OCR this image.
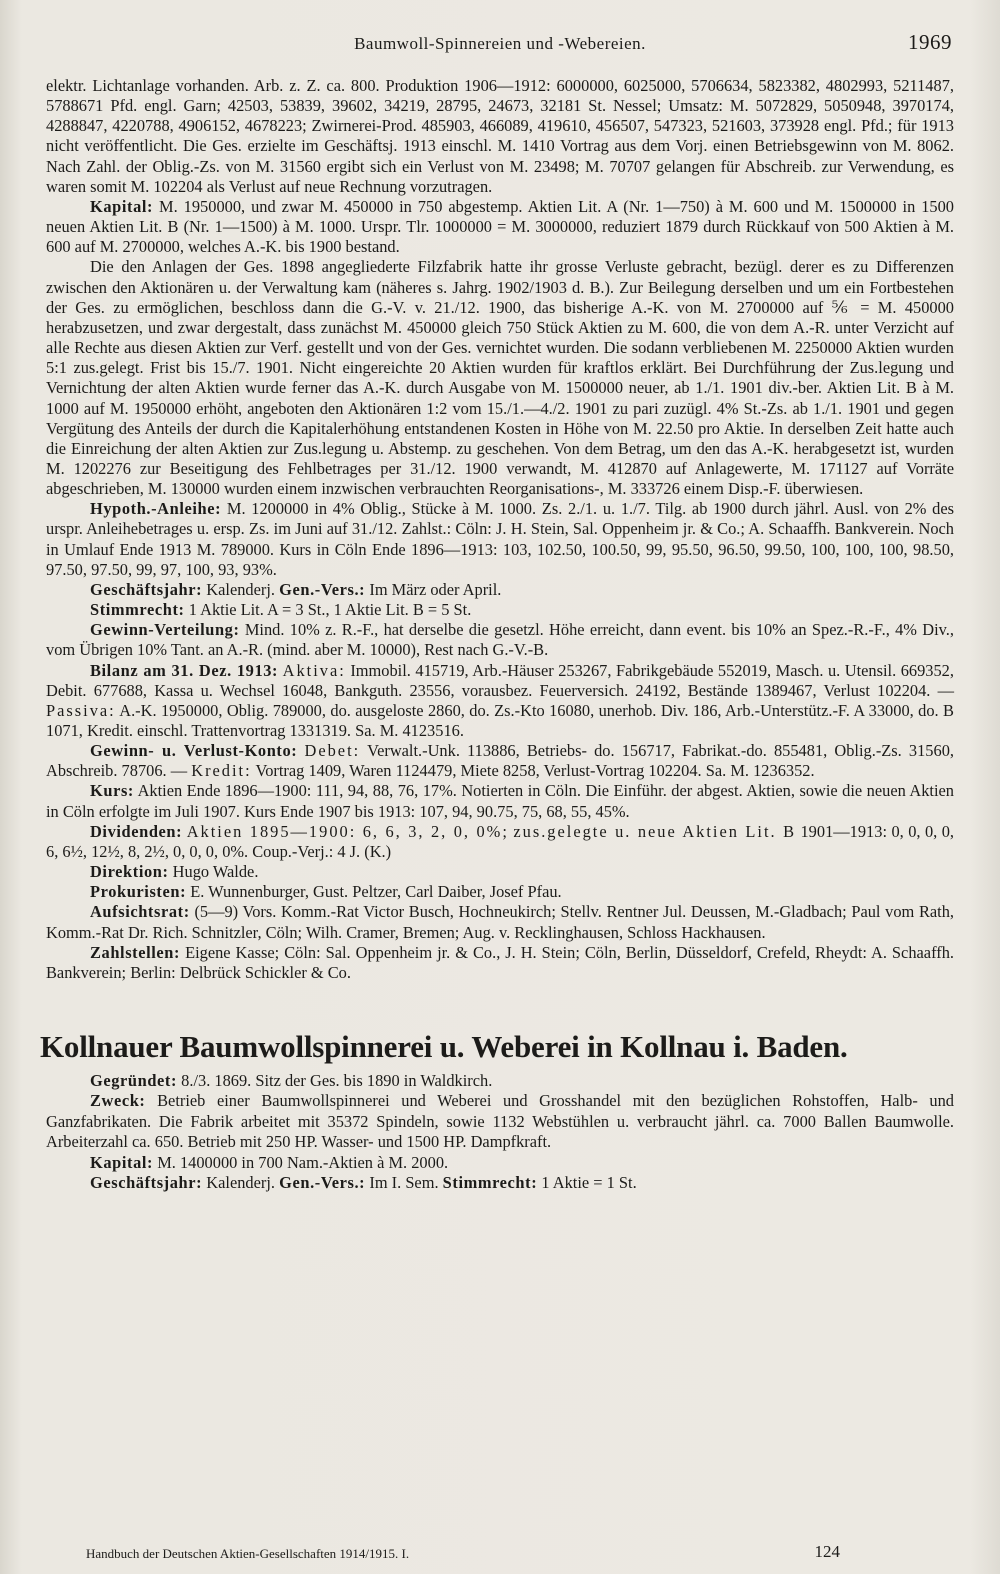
Baumwoll-Spinnereien und -Webereien.	1969

elektr. Lichtanlage vorhanden. Arb. z. Z. ca. 800. Produktion 1906—1912: 6000000, 6025000, 5706634, 5823382, 4802993, 5211487, 5788671 Pfd. engl. Garn; 42503, 53839, 39602, 34219, 28795, 24673, 32181 St. Nessel; Umsatz: M. 5072829, 5050948, 3970174, 4288847, 4220788, 4906152, 4678223; Zwirnerei-Prod. 485903, 466089, 419610, 456507, 547323, 521603, 373928 engl. Pfd.; für 1913 nicht veröffentlicht. Die Ges. erzielte im Geschäftsj. 1913 einschl. M. 1410 Vortrag aus dem Vorj. einen Betriebsgewinn von M. 8062. Nach Zahl. der Oblig.-Zs. von M. 31560 ergibt sich ein Verlust von M. 23498; M. 70707 gelangen für Abschreib. zur Verwendung, es waren somit M. 102204 als Verlust auf neue Rechnung vorzutragen.

Kapital: M. 1950000, und zwar M. 450000 in 750 abgestemp. Aktien Lit. A (Nr. 1—750) à M. 600 und M. 1500000 in 1500 neuen Aktien Lit. B (Nr. 1—1500) à M. 1000. Urspr. Tlr. 1000000 = M. 3000000, reduziert 1879 durch Rückkauf von 500 Aktien à M. 600 auf M. 2700000, welches A.-K. bis 1900 bestand.

Die den Anlagen der Ges. 1898 angegliederte Filzfabrik hatte ihr grosse Verluste gebracht, bezügl. derer es zu Differenzen zwischen den Aktionären u. der Verwaltung kam (näheres s. Jahrg. 1902/1903 d. B.). Zur Beilegung derselben und um ein Fortbestehen der Ges. zu ermöglichen, beschloss dann die G.-V. v. 21./12. 1900, das bisherige A.-K. von M. 2700000 auf ⅚ = M. 450000 herabzusetzen, und zwar dergestalt, dass zunächst M. 450000 gleich 750 Stück Aktien zu M. 600, die von dem A.-R. unter Verzicht auf alle Rechte aus diesen Aktien zur Verf. gestellt und von der Ges. vernichtet wurden. Die sodann verbliebenen M. 2250000 Aktien wurden 5:1 zus.gelegt. Frist bis 15./7. 1901. Nicht eingereichte 20 Aktien wurden für kraftlos erklärt. Bei Durchführung der Zus.legung und Vernichtung der alten Aktien wurde ferner das A.-K. durch Ausgabe von M. 1500000 neuer, ab 1./1. 1901 div.-ber. Aktien Lit. B à M. 1000 auf M. 1950000 erhöht, angeboten den Aktionären 1:2 vom 15./1.—4./2. 1901 zu pari zuzügl. 4% St.-Zs. ab 1./1. 1901 und gegen Vergütung des Anteils der durch die Kapitalerhöhung entstandenen Kosten in Höhe von M. 22.50 pro Aktie. In derselben Zeit hatte auch die Einreichung der alten Aktien zur Zus.legung u. Abstemp. zu geschehen. Von dem Betrag, um den das A.-K. herabgesetzt ist, wurden M. 1202276 zur Beseitigung des Fehlbetrages per 31./12. 1900 verwandt, M. 412870 auf Anlagewerte, M. 171127 auf Vorräte abgeschrieben, M. 130000 wurden einem inzwischen verbrauchten Reorganisations-, M. 333726 einem Disp.-F. überwiesen.

Hypoth.-Anleihe: M. 1200000 in 4% Oblig., Stücke à M. 1000. Zs. 2./1. u. 1./7. Tilg. ab 1900 durch jährl. Ausl. von 2% des urspr. Anleihebetrages u. ersp. Zs. im Juni auf 31./12. Zahlst.: Cöln: J. H. Stein, Sal. Oppenheim jr. & Co.; A. Schaaffh. Bankverein. Noch in Umlauf Ende 1913 M. 789000. Kurs in Cöln Ende 1896—1913: 103, 102.50, 100.50, 99, 95.50, 96.50, 99.50, 100, 100, 100, 98.50, 97.50, 97.50, 99, 97, 100, 93, 93%.

Geschäftsjahr: Kalenderj. Gen.-Vers.: Im März oder April.

Stimmrecht: 1 Aktie Lit. A = 3 St., 1 Aktie Lit. B = 5 St.

Gewinn-Verteilung: Mind. 10% z. R.-F., hat derselbe die gesetzl. Höhe erreicht, dann event. bis 10% an Spez.-R.-F., 4% Div., vom Übrigen 10% Tant. an A.-R. (mind. aber M. 10000), Rest nach G.-V.-B.

Bilanz am 31. Dez. 1913: Aktiva: Immobil. 415719, Arb.-Häuser 253267, Fabrikgebäude 552019, Masch. u. Utensil. 669352, Debit. 677688, Kassa u. Wechsel 16048, Bankguth. 23556, vorausbez. Feuerversich. 24192, Bestände 1389467, Verlust 102204. — Passiva: A.-K. 1950000, Oblig. 789000, do. ausgeloste 2860, do. Zs.-Kto 16080, unerhob. Div. 186, Arb.-Unterstütz.-F. A 33000, do. B 1071, Kredit. einschl. Trattenvortrag 1331319. Sa. M. 4123516.

Gewinn- u. Verlust-Konto: Debet: Verwalt.-Unk. 113886, Betriebs- do. 156717, Fabrikat.-do. 855481, Oblig.-Zs. 31560, Abschreib. 78706. — Kredit: Vortrag 1409, Waren 1124479, Miete 8258, Verlust-Vortrag 102204. Sa. M. 1236352.

Kurs: Aktien Ende 1896—1900: 111, 94, 88, 76, 17%. Notierten in Cöln. Die Einführ. der abgest. Aktien, sowie die neuen Aktien in Cöln erfolgte im Juli 1907. Kurs Ende 1907 bis 1913: 107, 94, 90.75, 75, 68, 55, 45%.

Dividenden: Aktien 1895—1900: 6, 6, 3, 2, 0, 0%; zus.gelegte u. neue Aktien Lit. B 1901—1913: 0, 0, 0, 0, 6, 6½, 12½, 8, 2½, 0, 0, 0, 0%. Coup.-Verj.: 4 J. (K.)

Direktion: Hugo Walde.

Prokuristen: E. Wunnenburger, Gust. Peltzer, Carl Daiber, Josef Pfau.

Aufsichtsrat: (5—9) Vors. Komm.-Rat Victor Busch, Hochneukirch; Stellv. Rentner Jul. Deussen, M.-Gladbach; Paul vom Rath, Komm.-Rat Dr. Rich. Schnitzler, Cöln; Wilh. Cramer, Bremen; Aug. v. Recklinghausen, Schloss Hackhausen.

Zahlstellen: Eigene Kasse; Cöln: Sal. Oppenheim jr. & Co., J. H. Stein; Cöln, Berlin, Düsseldorf, Crefeld, Rheydt: A. Schaaffh. Bankverein; Berlin: Delbrück Schickler & Co.

Kollnauer Baumwollspinnerei u. Weberei in Kollnau i. Baden.

Gegründet: 8./3. 1869. Sitz der Ges. bis 1890 in Waldkirch.

Zweck: Betrieb einer Baumwollspinnerei und Weberei und Grosshandel mit den bezüglichen Rohstoffen, Halb- und Ganzfabrikaten. Die Fabrik arbeitet mit 35372 Spindeln, sowie 1132 Webstühlen u. verbraucht jährl. ca. 7000 Ballen Baumwolle. Arbeiterzahl ca. 650. Betrieb mit 250 HP. Wasser- und 1500 HP. Dampfkraft.

Kapital: M. 1400000 in 700 Nam.-Aktien à M. 2000.

Geschäftsjahr: Kalenderj. Gen.-Vers.: Im I. Sem. Stimmrecht: 1 Aktie = 1 St.

Handbuch der Deutschen Aktien-Gesellschaften 1914/1915. I.	124
